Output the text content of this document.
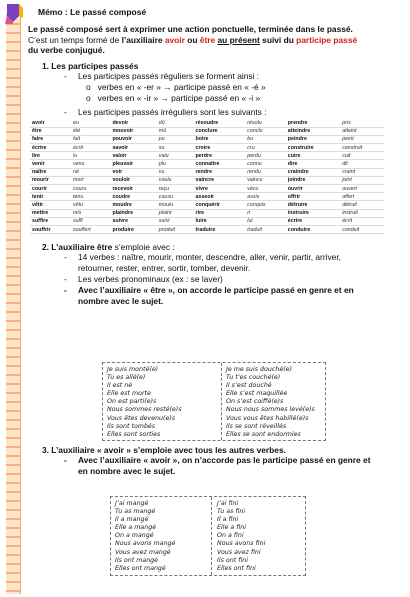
Mémo : Le passé composé
Le passé composé sert à exprimer une action ponctuelle, terminée dans le passé.
C’est un temps formé de l’auxiliaire avoir ou être au présent suivi du participe passé
du verbe conjugué.
1. Les participes passés
- Les participes passés réguliers se forment ainsi :
o   verbes en « -er » → participe passé en « -é »
o   verbes en « -ir » → participe passé en « -i »
- Les participes passés irréguliers sont les suivants :
avoir	eu	devoir	dû	résoudre	résolu	prendre	pris
être	été	mouvoir	mû	conclure	conclu	atteindre	atteint
faire	fait	pouvoir	pu	boire	bu	peindre	peint
écrire	écrit	savoir	su	croire	cru	construire	construit
lire	lu	valoir	valu	perdre	perdu	cuire	cuit
venir	venu	pleuvoir	plu	connaître	connu	dire	dit
naître	né	voir	vu	rendre	rendu	craindre	craint
mourir	mort	vouloir	voulu	vaincre	vaincu	joindre	joint
courir	couru	recevoir	reçu	vivre	vécu	ouvrir	ouvert
tenir	tenu	coudre	cousu	asseoir	assis	offrir	offert
vêtir	vêtu	moudre	moulu	conquérir	conquis	détruire	détruit
mettre	mis	plaindre	plaint	rire	ri	instruire	instruit
suffire	suffi	suivre	suivi	luire	lui	écrire	écrit
souffrir	souffert	produire	produit	traduire	traduit	conduire	conduit
2. L’auxiliaire être s’emploie avec :
- 14 verbes : naître, mourir, monter, descendre, aller, venir, partir, arriver,
retourner, rester, entrer, sortir, tomber, devenir.
- Les verbes pronominaux (ex : se laver)
- Avec l’auxiliaire « être », on accorde le participe passé en genre et en
nombre avec le sujet.
Je suis monté(e)
Tu es allé(e)
Il est né
Elle est morte
On est parti(e)s
Nous sommes resté(e)s
Vous êtes devenu(e)s
Ils sont tombés
Elles sont sorties
Je me suis douché(e)
Tu t’es couché(e)
Il s’est douché
Elle s’est maquillée
On s’est coiffé(e)s
Nous nous sommes levé(e)s
Vous vous êtes habillé(e)s
Ils se sont réveillés
Elles se sont endormies
3. L’auxiliaire « avoir » s’emploie avec tous les autres verbes.
- Avec l’auxiliaire « avoir », on n’accorde pas le participe passé en genre et
en nombre avec le sujet.
J’ai mangé
Tu as mangé
Il a mangé
Elle a mangé
On a mangé
Nous avons mangé
Vous avez mangé
Ils ont mangé
Elles ont mangé
J’ai fini
Tu as fini
Il a fini
Elle a fini
On a fini
Nous avons fini
Vous avez fini
Ils ont fini
Elles ont fini
